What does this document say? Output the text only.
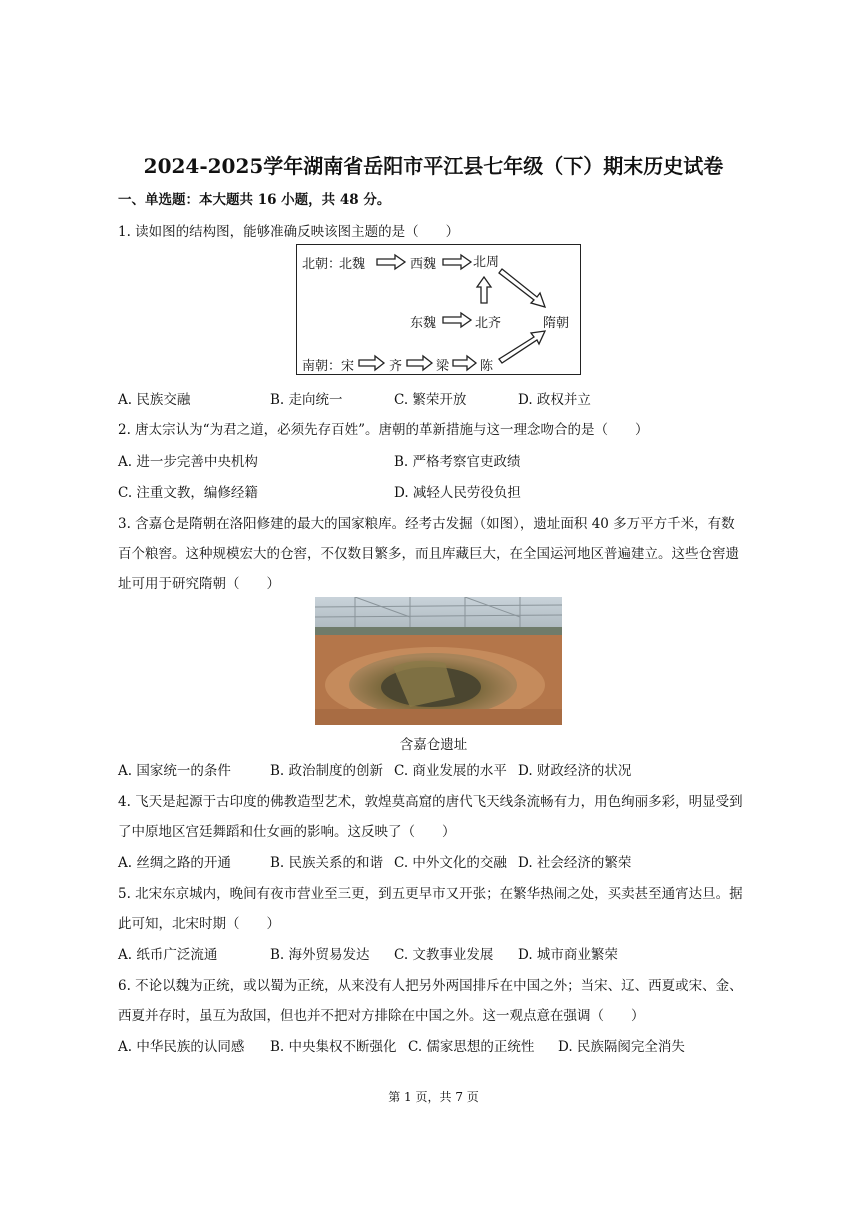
2024-2025学年湖南省岳阳市平江县七年级（下）期末历史试卷
一、单选题：本大题共 16 小题，共 48 分。
1. 读如图的结构图，能够准确反映该图主题的是（　　）
北朝：
北魏	西魏	北周
东魏	北齐	隋朝
南朝： 宋	齐	梁 陈
A. 民族交融	B. 走向统一	C. 繁荣开放	D. 政权并立
2. 唐太宗认为“为君之道，必须先存百姓”。唐朝的革新措施与这一理念吻合的是（　　）
A. 进一步完善中央机构	B. 严格考察官吏政绩
C. 注重文教，编修经籍	D. 减轻人民劳役负担
3. 含嘉仓是隋朝在洛阳修建的最大的国家粮库。经考古发掘（如图），遗址面积 40 多万平方千米，有数
百个粮窖。这种规模宏大的仓窖，不仅数目繁多，而且库藏巨大，在全国运河地区普遍建立。这些仓窖遗
址可用于研究隋朝（　　）
含嘉仓遗址
A. 国家统一的条件	B. 政治制度的创新 C. 商业发展的水平 D. 财政经济的状况
4. 飞天是起源于古印度的佛教造型艺术，敦煌莫高窟的唐代飞天线条流畅有力，用色绚丽多彩，明显受到
了中原地区宫廷舞蹈和仕女画的影响。这反映了（　　）
A. 丝绸之路的开通	B. 民族关系的和谐 C. 中外文化的交融 D. 社会经济的繁荣
5. 北宋东京城内，晚间有夜市营业至三更，到五更早市又开张；在繁华热闹之处，买卖甚至通宵达旦。据
此可知，北宋时期（　　）
A. 纸币广泛流通	B. 海外贸易发达 C. 文教事业发展 D. 城市商业繁荣
6. 不论以魏为正统，或以蜀为正统，从来没有人把另外两国排斥在中国之外；当宋、辽、西夏或宋、金、
西夏并存时，虽互为敌国，但也并不把对方排除在中国之外。这一观点意在强调（　　）
A. 中华民族的认同感 B. 中央集权不断强化 C. 儒家思想的正统性 D. 民族隔阂完全消失
第 1 页，共 7 页
